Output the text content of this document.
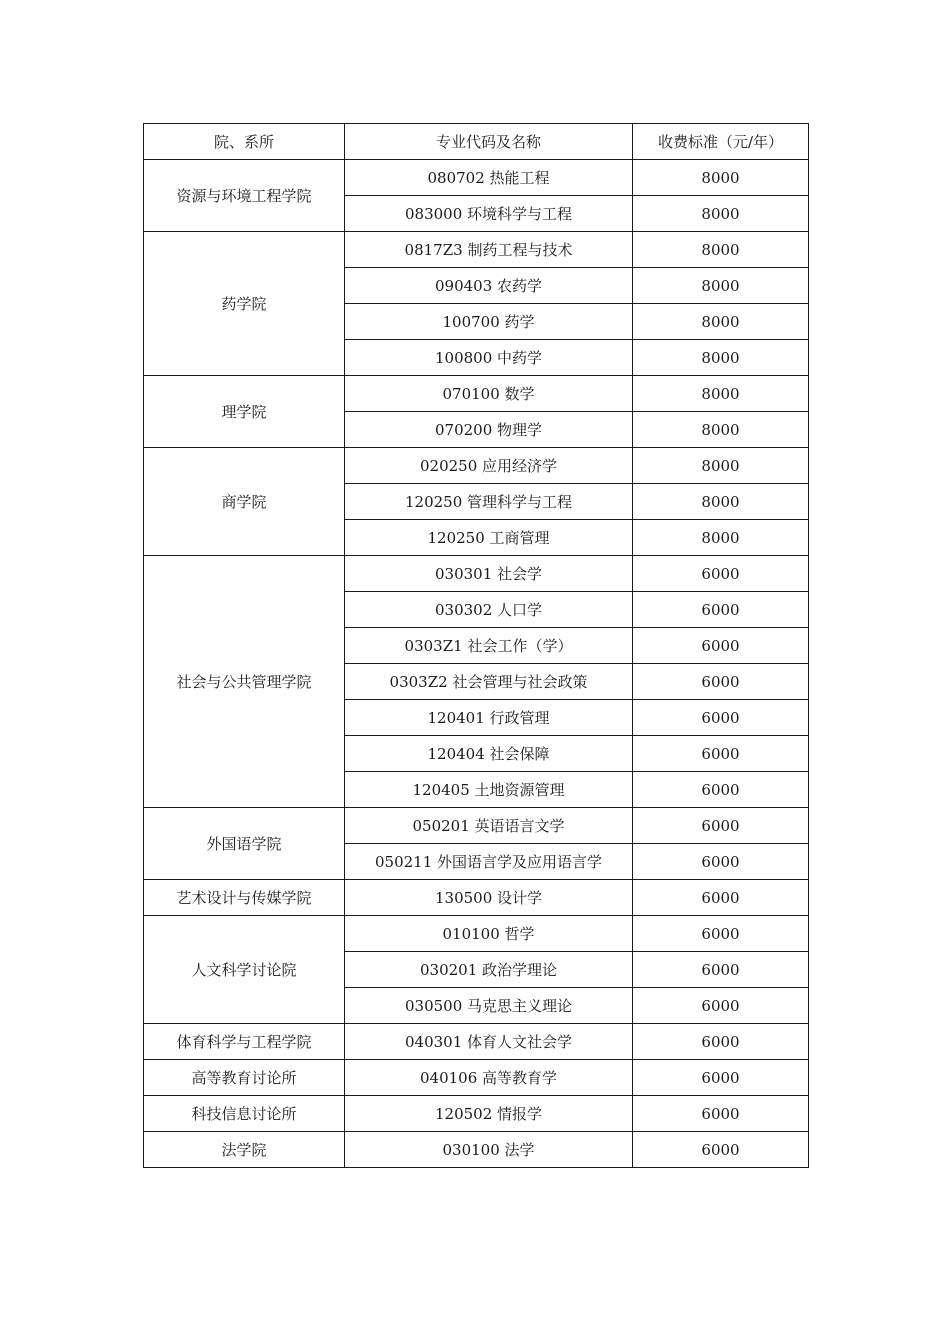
院、系所	专业代码及名称	收费标准（元/年）
资源与环境工程学院	080702 热能工程	8000
	083000 环境科学与工程	8000
药学院	0817Z3 制药工程与技术	8000
	090403 农药学	8000
	100700 药学	8000
	100800 中药学	8000
理学院	070100 数学	8000
	070200 物理学	8000
商学院	020250 应用经济学	8000
	120250 管理科学与工程	8000
	120250 工商管理	8000
社会与公共管理学院	030301 社会学	6000
	030302 人口学	6000
	0303Z1 社会工作（学）	6000
	0303Z2 社会管理与社会政策	6000
	120401 行政管理	6000
	120404 社会保障	6000
	120405 土地资源管理	6000
外国语学院	050201 英语语言文学	6000
	050211 外国语言学及应用语言学	6000
艺术设计与传媒学院	130500 设计学	6000
人文科学讨论院	010100 哲学	6000
	030201 政治学理论	6000
	030500 马克思主义理论	6000
体育科学与工程学院	040301 体育人文社会学	6000
高等教育讨论所	040106 高等教育学	6000
科技信息讨论所	120502 情报学	6000
法学院	030100 法学	6000
